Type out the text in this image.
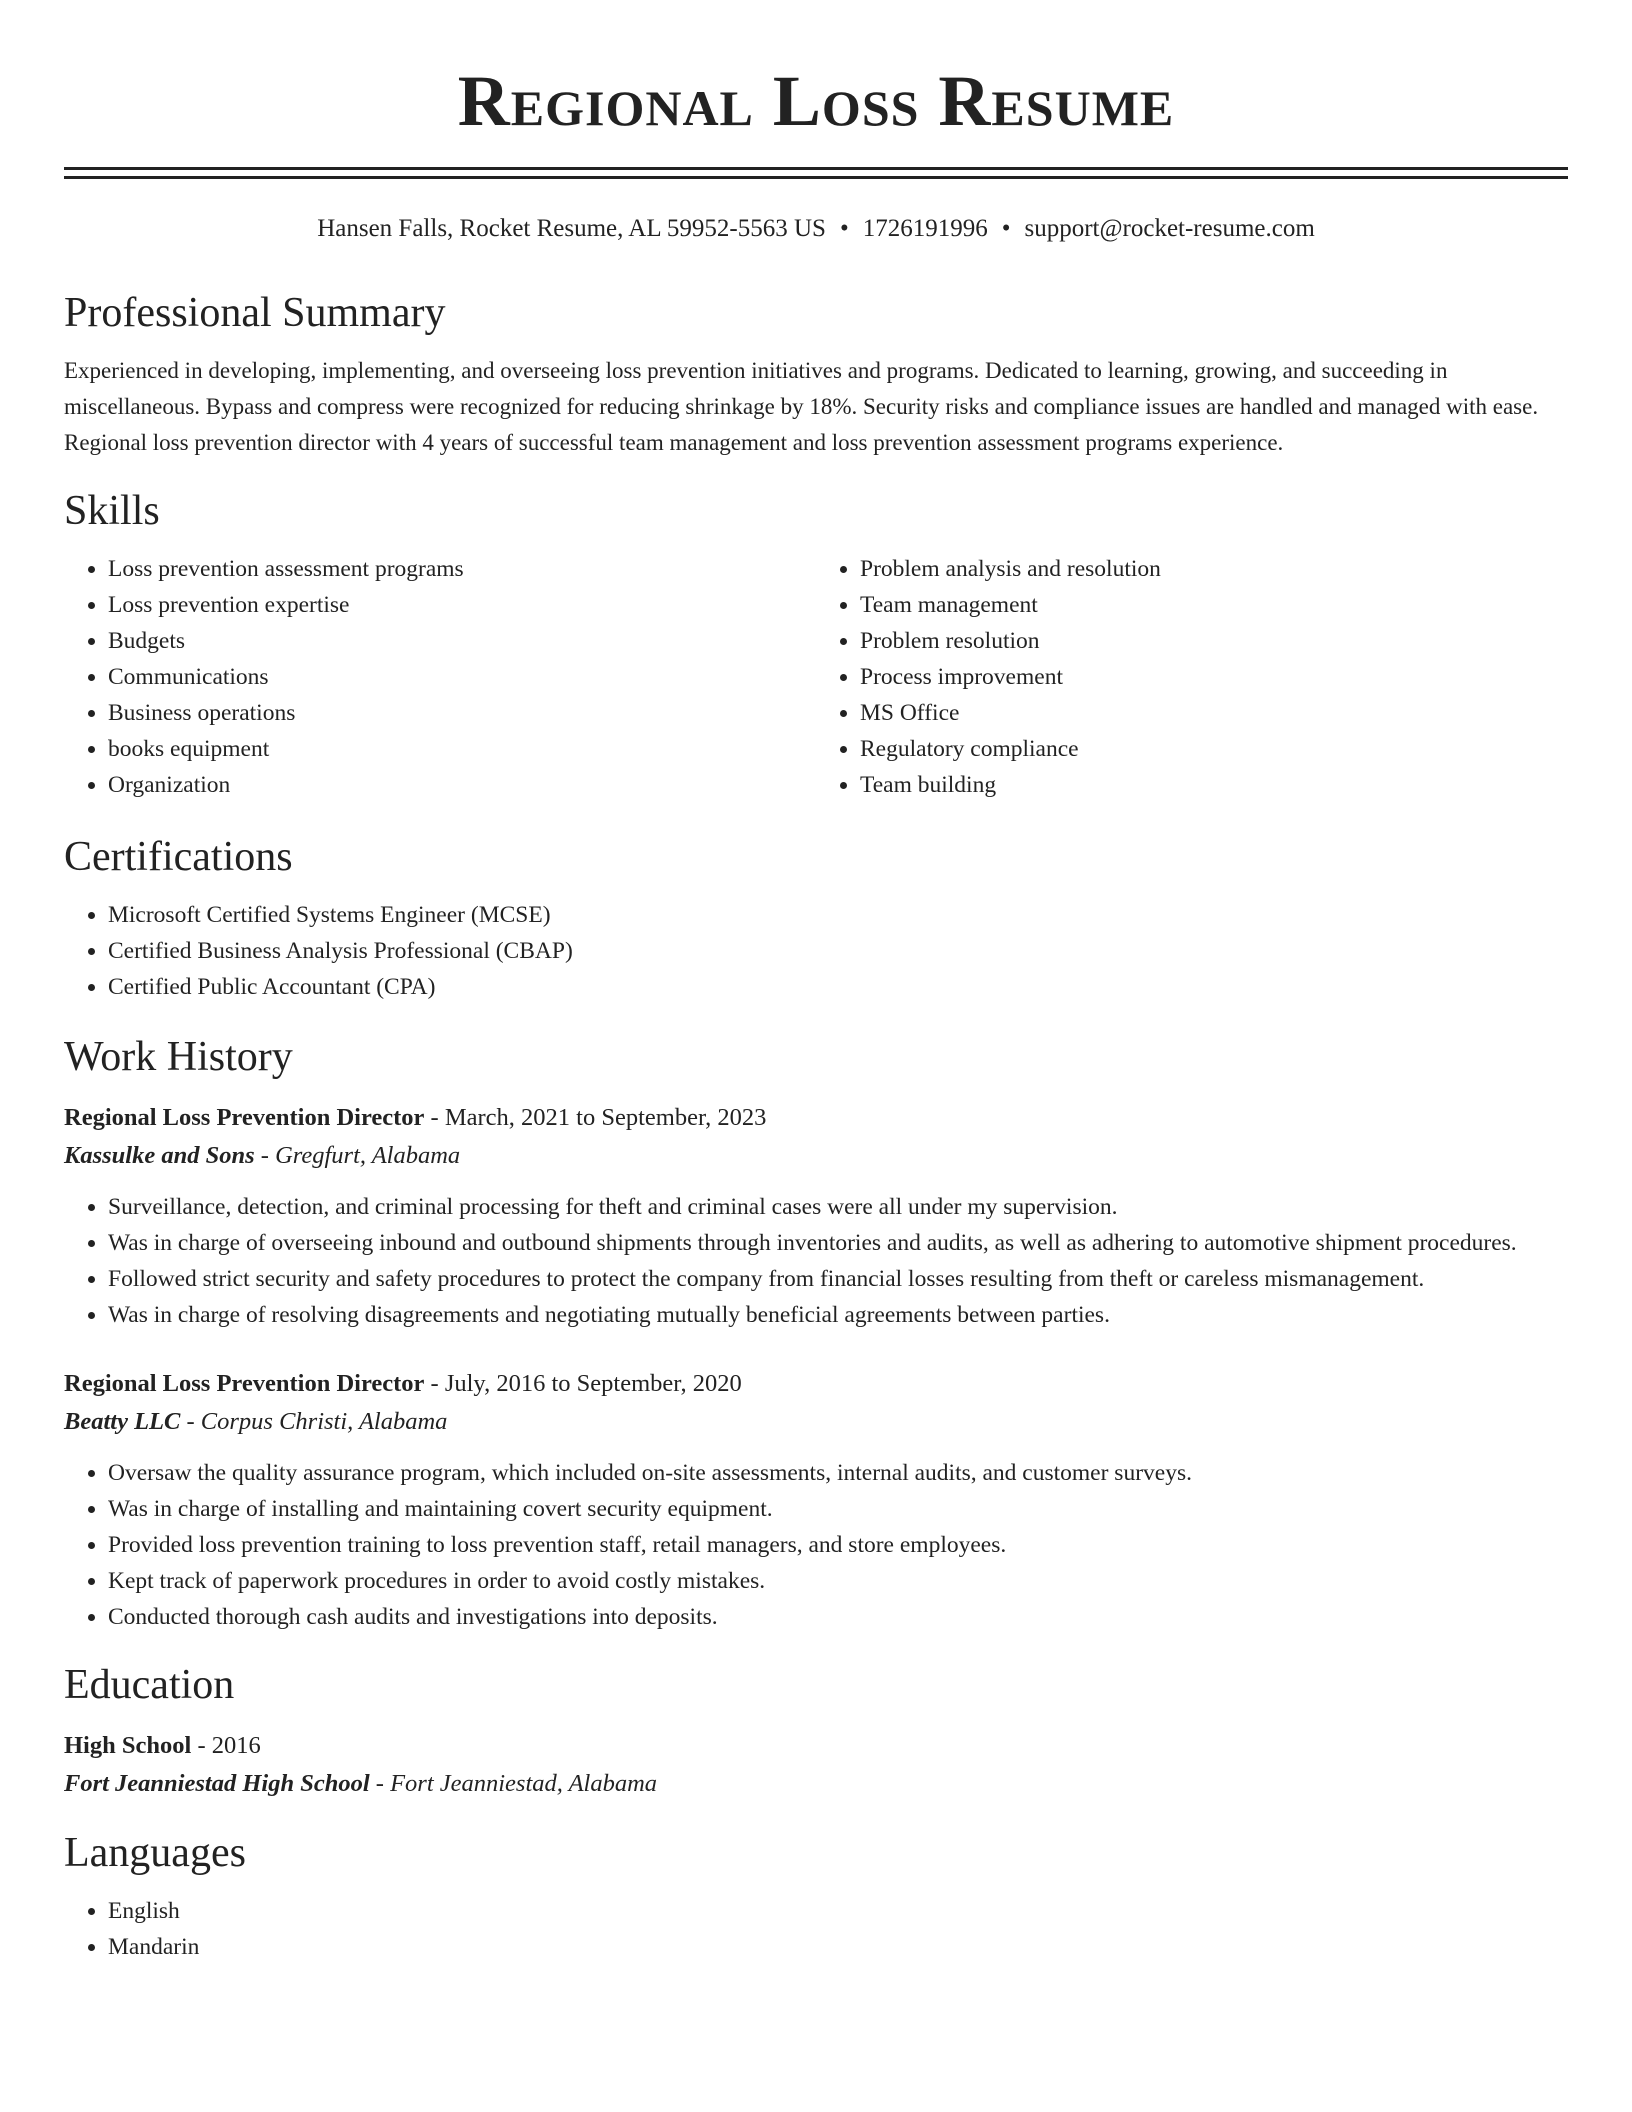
Regional Loss Resume
Hansen Falls, Rocket Resume, AL 59952-5563 US • 1726191996 • support@rocket-resume.com
Professional Summary

Experienced in developing, implementing, and overseeing loss prevention initiatives and programs. Dedicated to learning, growing, and succeeding in miscellaneous. Bypass and compress were recognized for reducing shrinkage by 18%. Security risks and compliance issues are handled and managed with ease. Regional loss prevention director with 4 years of successful team management and loss prevention assessment programs experience.

Skills
• Loss prevention assessment programs
• Loss prevention expertise
• Budgets
• Communications
• Business operations
• books equipment
• Organization
• Problem analysis and resolution
• Team management
• Problem resolution
• Process improvement
• MS Office
• Regulatory compliance
• Team building
Certifications
• Microsoft Certified Systems Engineer (MCSE)
• Certified Business Analysis Professional (CBAP)
• Certified Public Accountant (CPA)
Work History
Regional Loss Prevention Director - March, 2021 to September, 2023
Kassulke and Sons - Gregfurt, Alabama
• Surveillance, detection, and criminal processing for theft and criminal cases were all under my supervision.
• Was in charge of overseeing inbound and outbound shipments through inventories and audits, as well as adhering to automotive shipment procedures.
• Followed strict security and safety procedures to protect the company from financial losses resulting from theft or careless mismanagement.
• Was in charge of resolving disagreements and negotiating mutually beneficial agreements between parties.
Regional Loss Prevention Director - July, 2016 to September, 2020
Beatty LLC - Corpus Christi, Alabama
• Oversaw the quality assurance program, which included on-site assessments, internal audits, and customer surveys.
• Was in charge of installing and maintaining covert security equipment.
• Provided loss prevention training to loss prevention staff, retail managers, and store employees.
• Kept track of paperwork procedures in order to avoid costly mistakes.
• Conducted thorough cash audits and investigations into deposits.
Education
High School - 2016
Fort Jeanniestad High School - Fort Jeanniestad, Alabama
Languages
• English
• Mandarin
